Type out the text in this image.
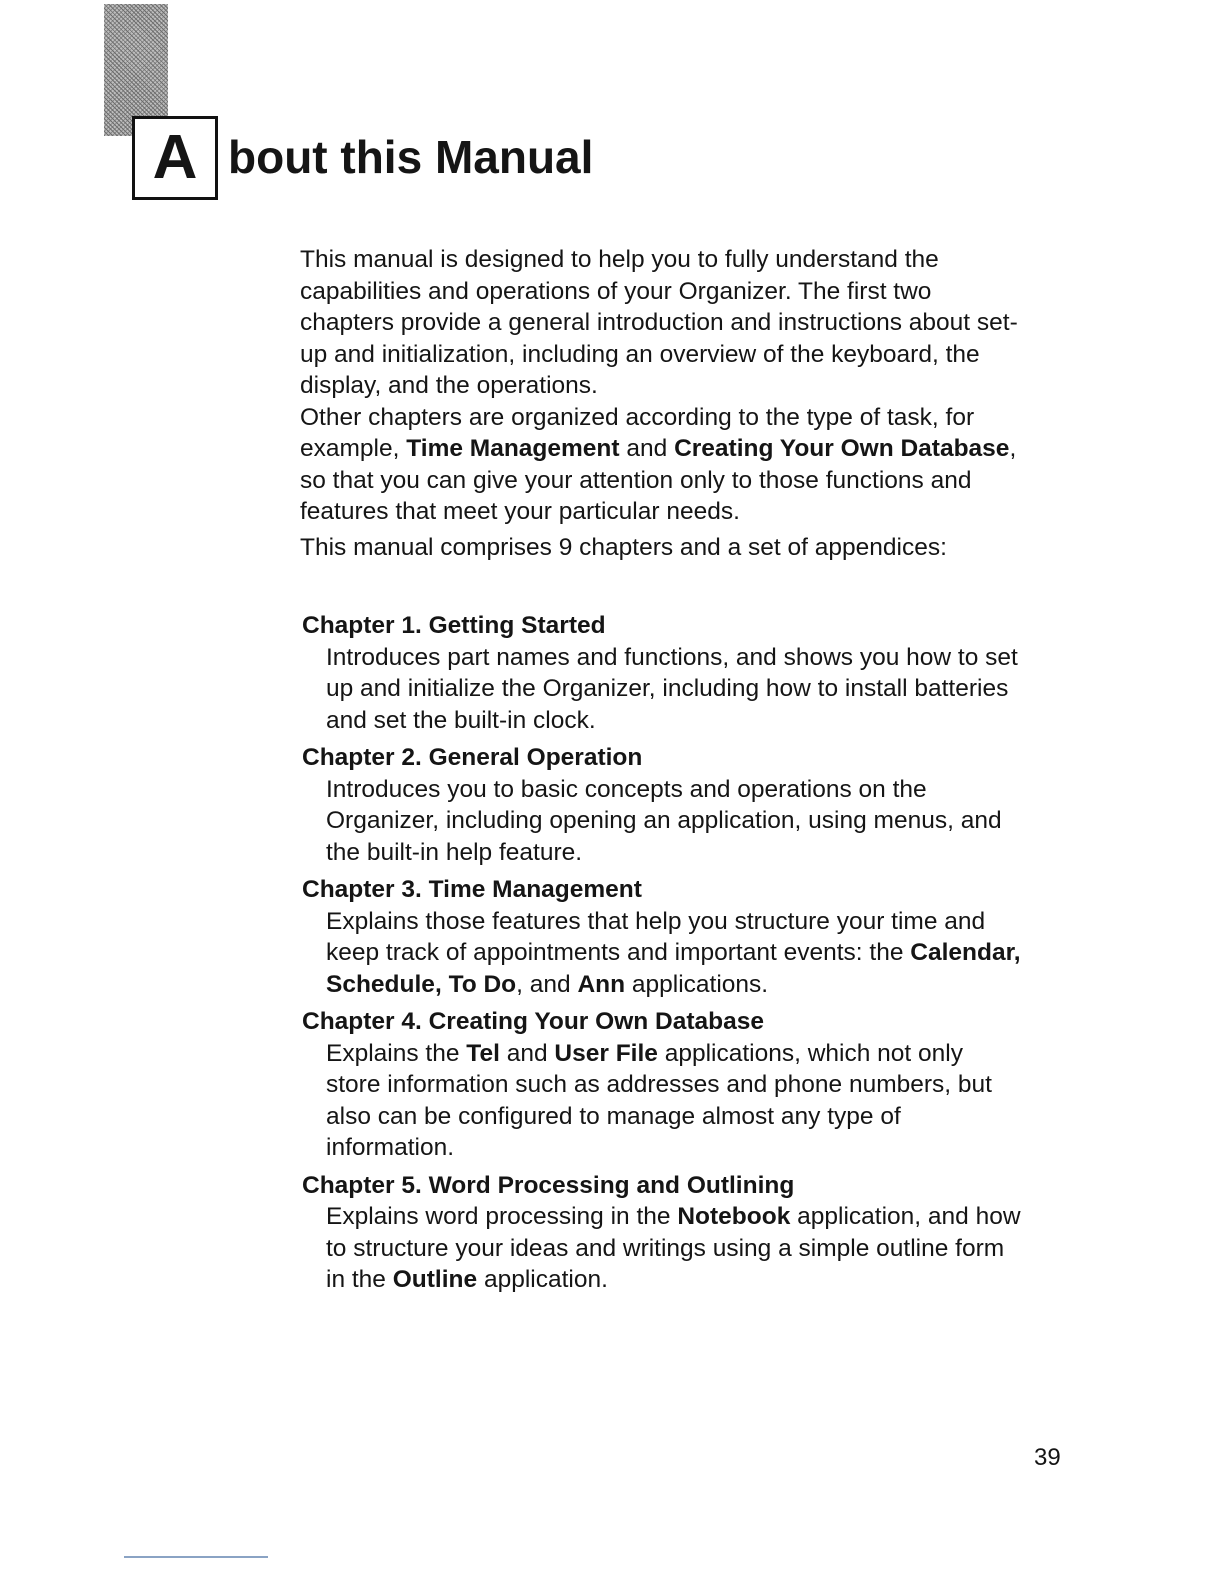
A bout this Manual

This manual is designed to help you to fully understand the capabilities and operations of your Organizer. The first two chapters provide a general introduction and instructions about set-up and initialization, including an overview of the keyboard, the display, and the operations.

Other chapters are organized according to the type of task, for example, Time Management and Creating Your Own Database, so that you can give your attention only to those functions and features that meet your particular needs.

This manual comprises 9 chapters and a set of appendices:

Chapter 1. Getting Started
Introduces part names and functions, and shows you how to set up and initialize the Organizer, including how to install batteries and set the built-in clock.
Chapter 2. General Operation
Introduces you to basic concepts and operations on the Organizer, including opening an application, using menus, and the built-in help feature.
Chapter 3. Time Management
Explains those features that help you structure your time and keep track of appointments and important events: the Calendar, Schedule, To Do, and Ann applications.
Chapter 4. Creating Your Own Database
Explains the Tel and User File applications, which not only store information such as addresses and phone numbers, but also can be configured to manage almost any type of information.
Chapter 5. Word Processing and Outlining
Explains word processing in the Notebook application, and how to structure your ideas and writings using a simple outline form in the Outline application.
39
